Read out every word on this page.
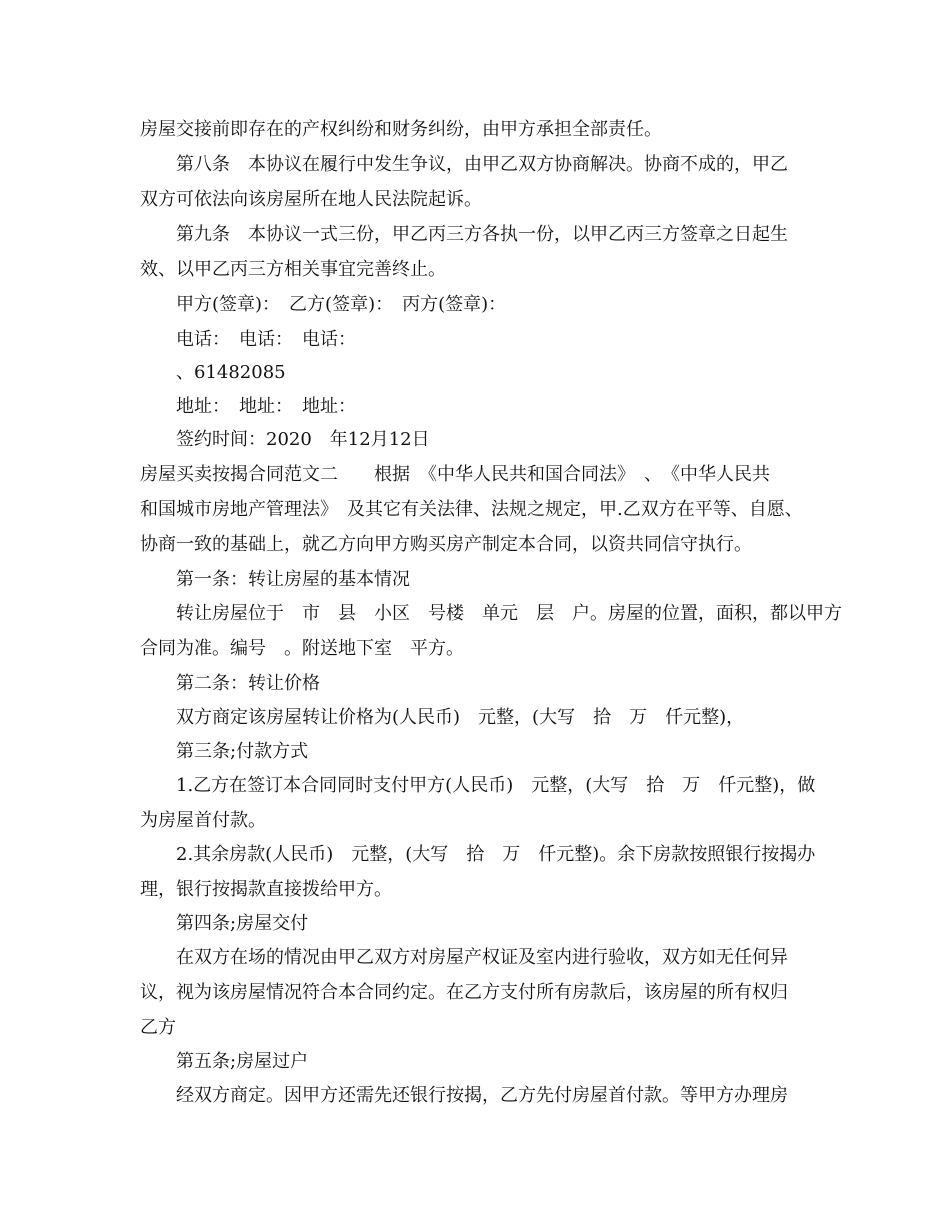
房屋交接前即存在的产权纠纷和财务纠纷，由甲方承担全部责任。

第八条　本协议在履行中发生争议，由甲乙双方协商解决。协商不成的，甲乙

双方可依法向该房屋所在地人民法院起诉。

第九条　本协议一式三份，甲乙丙三方各执一份，以甲乙丙三方签章之日起生

效、以甲乙丙三方相关事宜完善终止。

甲方(签章)：　乙方(签章)：　丙方(签章)：

电话：　电话：　电话：

、61482085

地址：　地址：　地址：

签约时间：2020　年12月12日

房屋买卖按揭合同范文二　　根据　《中华人民共和国合同法》　、　《中华人民共

和国城市房地产管理法》　及其它有关法律、法规之规定，甲.乙双方在平等、自愿、

协商一致的基础上，就乙方向甲方购买房产制定本合同，以资共同信守执行。

第一条：转让房屋的基本情况

转让房屋位于　市　县　小区　号楼　单元　层　户。房屋的位置，面积，都以甲方

合同为准。编号　。附送地下室　平方。

第二条：转让价格

双方商定该房屋转让价格为(人民币)　元整，(大写　拾　万　仟元整)，

第三条;付款方式

1.乙方在签订本合同同时支付甲方(人民币)　元整，(大写　拾　万　仟元整)，做

为房屋首付款。

2.其余房款(人民币)　元整，(大写　拾　万　仟元整)。余下房款按照银行按揭办

理，银行按揭款直接拨给甲方。

第四条;房屋交付

在双方在场的情况由甲乙双方对房屋产权证及室内进行验收，双方如无任何异

议，视为该房屋情况符合本合同约定。在乙方支付所有房款后，该房屋的所有权归

乙方

第五条;房屋过户

经双方商定。因甲方还需先还银行按揭，乙方先付房屋首付款。等甲方办理房
